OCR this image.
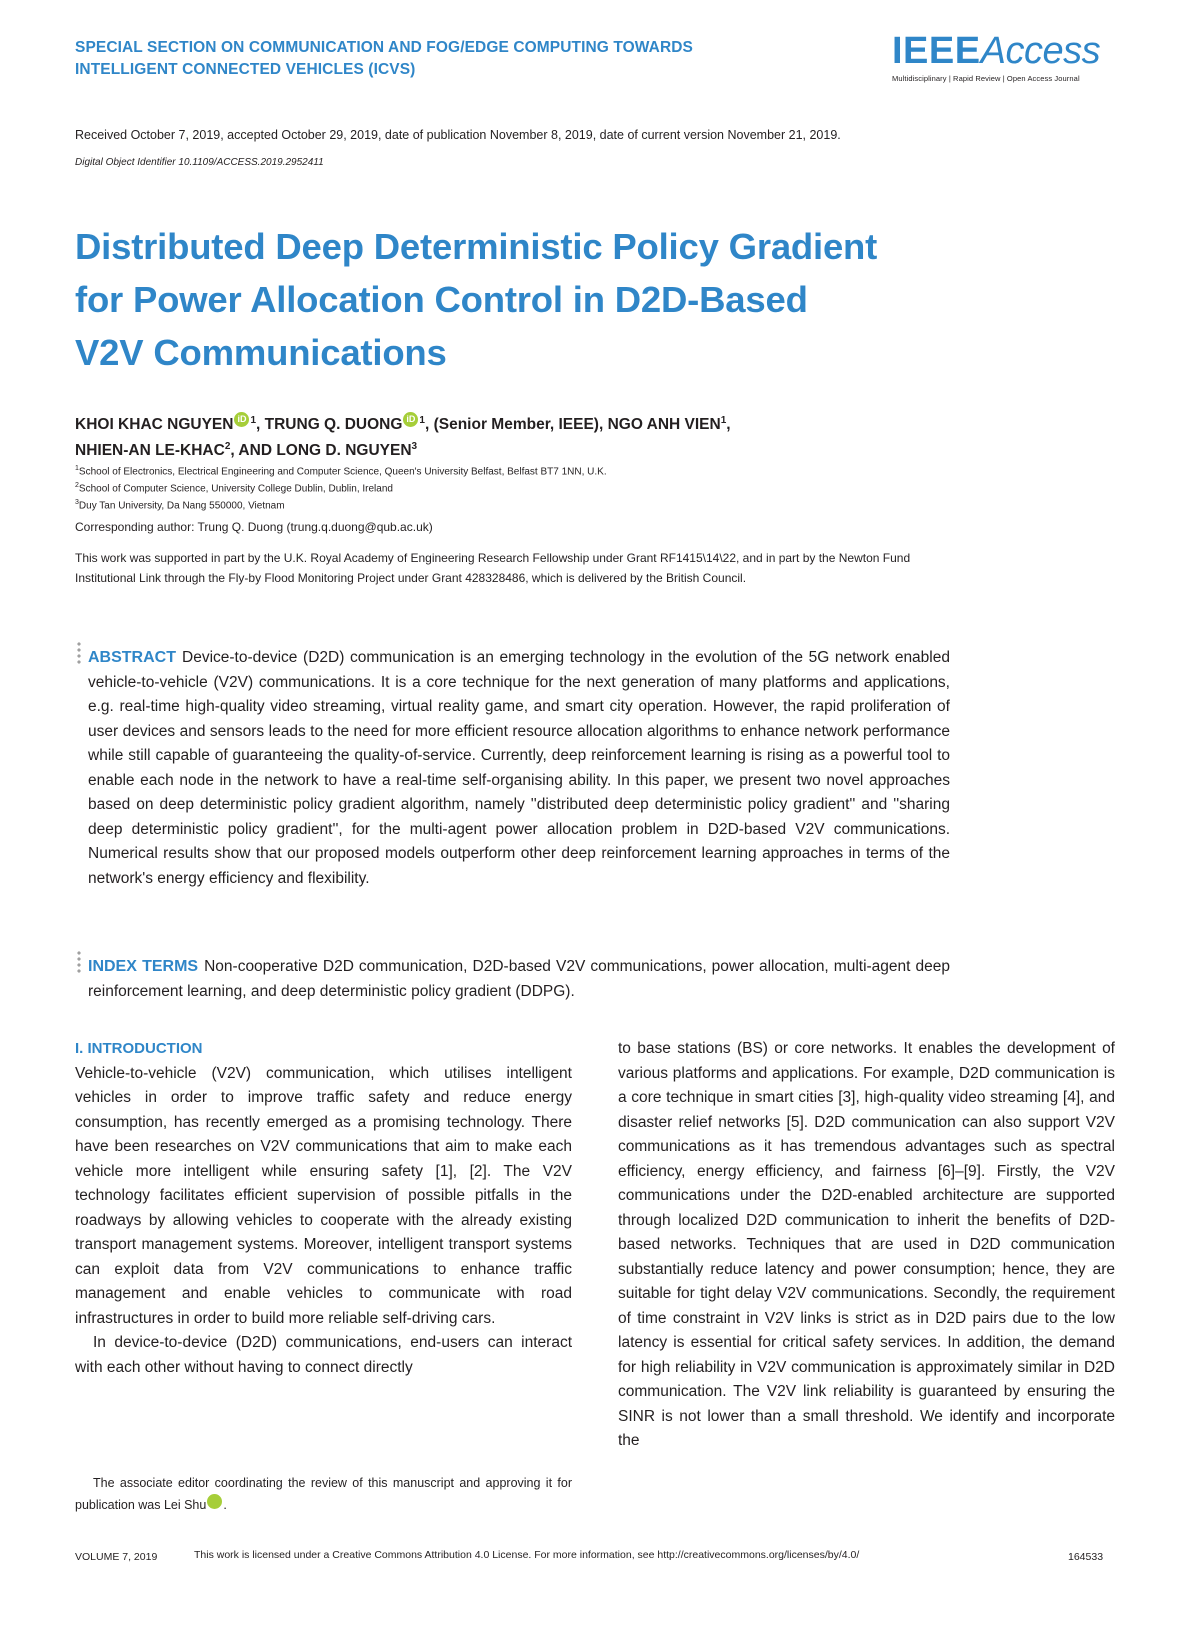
SPECIAL SECTION ON COMMUNICATION AND FOG/EDGE COMPUTING TOWARDS
INTELLIGENT CONNECTED VEHICLES (ICVS)	IEEEAccess
Multidisciplinary | Rapid Review | Open Access Journal
Received October 7, 2019, accepted October 29, 2019, date of publication November 8, 2019, date of current version November 21, 2019.
Digital Object Identifier 10.1109/ACCESS.2019.2952411
Distributed Deep Deterministic Policy Gradient
for Power Allocation Control in D2D-Based
V2V Communications
KHOI KHAC NGUYEN iD $^1$, TRUNG Q. DUONG iD $^1$, (Senior Member, IEEE), NGO ANH VIEN$^1$,
NHIEN-AN LE-KHAC$^2$, AND LONG D. NGUYEN$^3$
$^1$School of Electronics, Electrical Engineering and Computer Science, Queen's University Belfast, Belfast BT7 1NN, U.K.
$^2$School of Computer Science, University College Dublin, Dublin, Ireland
$^3$Duy Tan University, Da Nang 550000, Vietnam
Corresponding author: Trung Q. Duong (trung.q.duong@qub.ac.uk)
This work was supported in part by the U.K. Royal Academy of Engineering Research Fellowship under Grant RF1415\14\22, and in part by the Newton Fund Institutional Link through the Fly-by Flood Monitoring Project under Grant 428328486, which is delivered by the British Council.
ABSTRACT Device-to-device (D2D) communication is an emerging technology in the evolution of the 5G network enabled vehicle-to-vehicle (V2V) communications. It is a core technique for the next generation of many platforms and applications, e.g. real-time high-quality video streaming, virtual reality game, and smart city operation. However, the rapid proliferation of user devices and sensors leads to the need for more efficient resource allocation algorithms to enhance network performance while still capable of guaranteeing the quality-of-service. Currently, deep reinforcement learning is rising as a powerful tool to enable each node in the network to have a real-time self-organising ability. In this paper, we present two novel approaches based on deep deterministic policy gradient algorithm, namely ''distributed deep deterministic policy gradient'' and ''sharing deep deterministic policy gradient'', for the multi-agent power allocation problem in D2D-based V2V communications. Numerical results show that our proposed models outperform other deep reinforcement learning approaches in terms of the network's energy efficiency and flexibility.
INDEX TERMS Non-cooperative D2D communication, D2D-based V2V communications, power allocation, multi-agent deep reinforcement learning, and deep deterministic policy gradient (DDPG).
I. INTRODUCTION

Vehicle-to-vehicle (V2V) communication, which utilises intelligent vehicles in order to improve traffic safety and reduce energy consumption, has recently emerged as a promising technology. There have been researches on V2V communications that aim to make each vehicle more intelligent while ensuring safety [1], [2]. The V2V technology facilitates efficient supervision of possible pitfalls in the roadways by allowing vehicles to cooperate with the already existing transport management systems. Moreover, intelligent transport systems can exploit data from V2V communications to enhance traffic management and enable vehicles to communicate with road infrastructures in order to build more reliable self-driving cars.

In device-to-device (D2D) communications, end-users can interact with each other without having to connect directly

to base stations (BS) or core networks. It enables the development of various platforms and applications. For example, D2D communication is a core technique in smart cities [3], high-quality video streaming [4], and disaster relief networks [5]. D2D communication can also support V2V communications as it has tremendous advantages such as spectral efficiency, energy efficiency, and fairness [6]–[9]. Firstly, the V2V communications under the D2D-enabled architecture are supported through localized D2D communication to inherit the benefits of D2D-based networks. Techniques that are used in D2D communication substantially reduce latency and power consumption; hence, they are suitable for tight delay V2V communications. Secondly, the requirement of time constraint in V2V links is strict as in D2D pairs due to the low latency is essential for critical safety services. In addition, the demand for high reliability in V2V communication is approximately similar in D2D communication. The V2V link reliability is guaranteed by ensuring the SINR is not lower than a small threshold. We identify and incorporate the

The associate editor coordinating the review of this manuscript and approving it for publication was Lei Shu iD.
VOLUME 7, 2019	This work is licensed under a Creative Commons Attribution 4.0 License. For more information, see http://creativecommons.org/licenses/by/4.0/	164533
